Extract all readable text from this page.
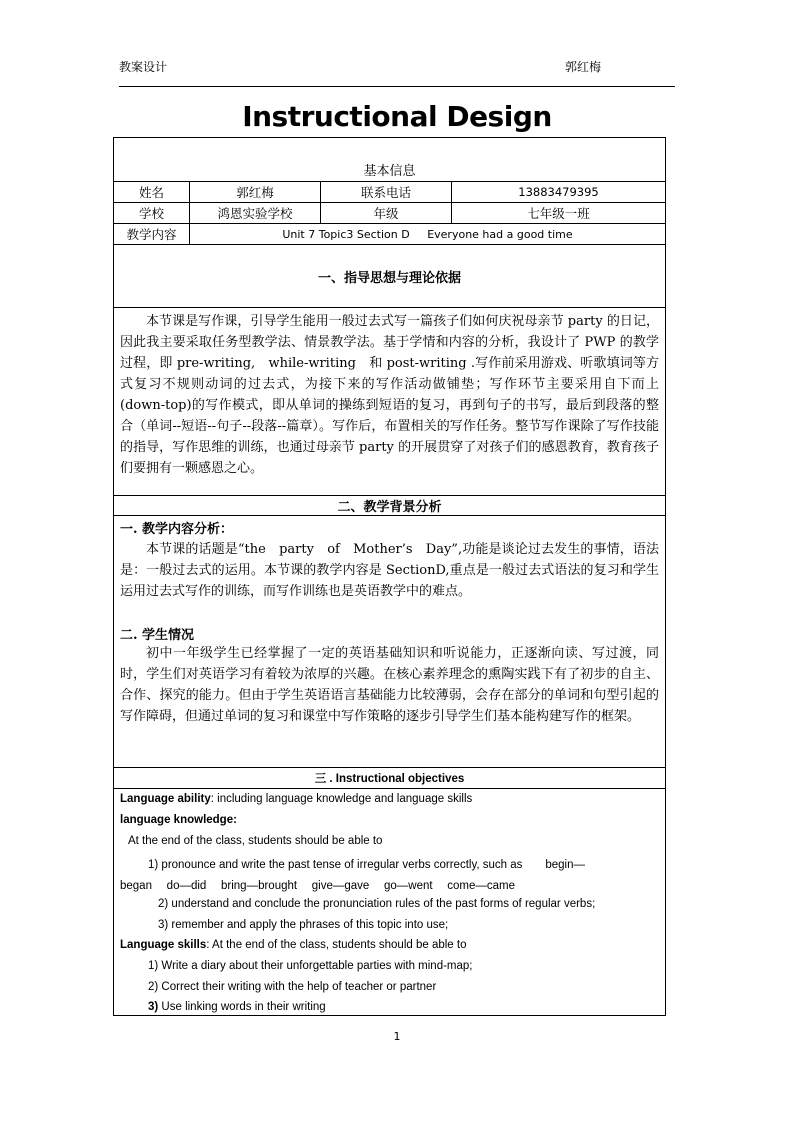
教案设计	郭红梅
Instructional Design
基本信息
姓名	郭红梅	联系电话	13883479395
学校	鸿恩实验学校	年级	七年级一班
教学内容	Unit 7 Topic3 Section D     Everyone had a good time
一、指导思想与理论依据

本节课是写作课，引导学生能用一般过去式写一篇孩子们如何庆祝母亲节 party 的日记，因此我主要采取任务型教学法、情景教学法。基于学情和内容的分析，我设计了 PWP 的教学过程，即 pre-writing,　while-writing　和 post-writing .写作前采用游戏、听歌填词等方式复习不规则动词的过去式，为接下来的写作活动做铺垫；写作环节主要采用自下而上(down-top)的写作模式，即从单词的操练到短语的复习，再到句子的书写，最后到段落的整合（单词--短语--句子--段落--篇章）。写作后，布置相关的写作任务。整节写作课除了写作技能的指导，写作思维的训练，也通过母亲节 party 的开展贯穿了对孩子们的感恩教育，教育孩子们要拥有一颗感恩之心。

二、教学背景分析
一. 教学内容分析：

本节课的话题是“the　party　of　Mother’s　Day”,功能是谈论过去发生的事情，语法是：一般过去式的运用。本节课的教学内容是 SectionD,重点是一般过去式语法的复习和学生运用过去式写作的训练，而写作训练也是英语教学中的难点。

二. 学生情况

初中一年级学生已经掌握了一定的英语基础知识和听说能力，正逐渐向读、写过渡，同时，学生们对英语学习有着较为浓厚的兴趣。在核心素养理念的熏陶实践下有了初步的自主、合作、探究的能力。但由于学生英语语言基础能力比较薄弱，会存在部分的单词和句型引起的写作障碍，但通过单词的复习和课堂中写作策略的逐步引导学生们基本能构建写作的框架。

三 . Instructional objectives
Language ability: including language knowledge and language skills
language knowledge:
At the end of the class, students should be able to
1) pronounce and write the past tense of irregular verbs correctly, such as　　begin—
began　 do—did　 bring—brought　 give—gave　 go—went　 come—came
2) understand and conclude the pronunciation rules of the past forms of regular verbs;
3) remember and apply the phrases of this topic into use;
Language skills: At the end of the class, students should be able to
1) Write a diary about their unforgettable parties with mind-map;
2) Correct their writing with the help of teacher or partner
3) Use linking words in their writing
1
